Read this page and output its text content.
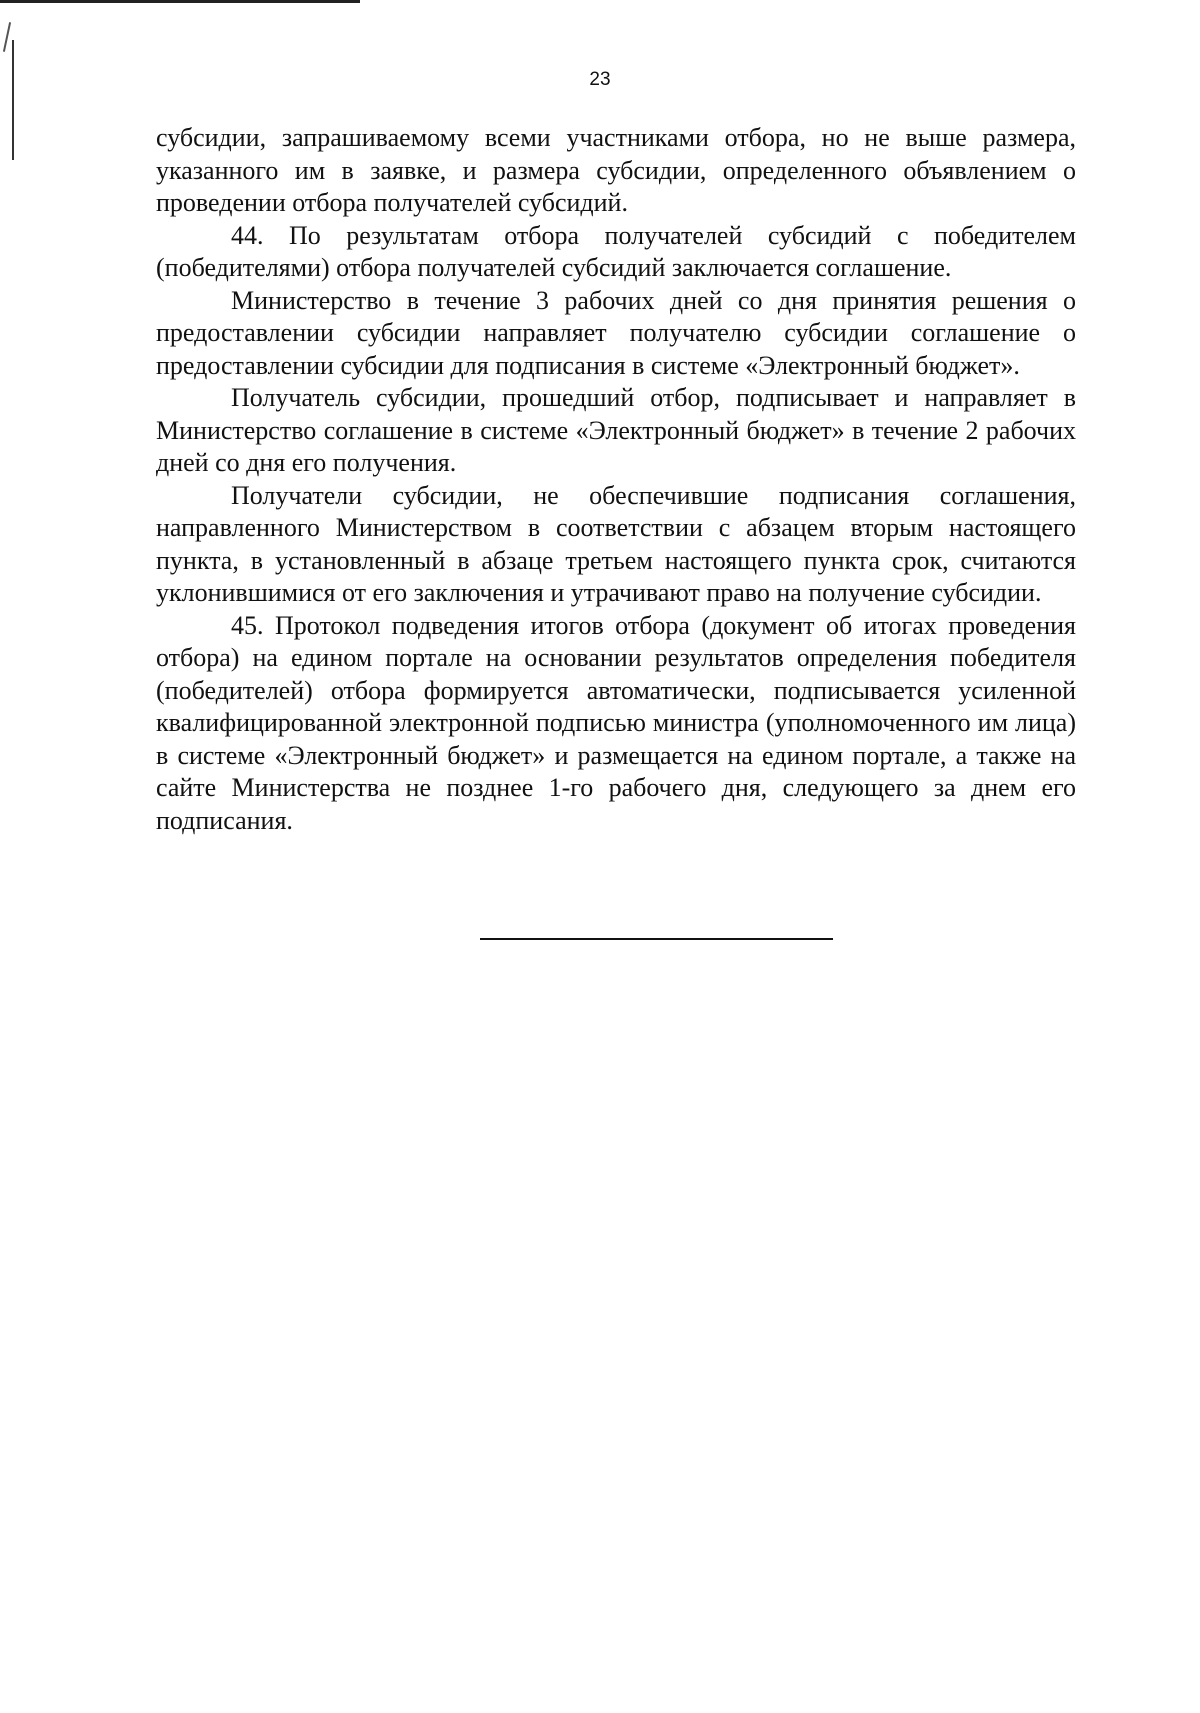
23

субсидии, запрашиваемому всеми участниками отбора, но не выше размера, указанного им в заявке, и размера субсидии, определенного объявлением о проведении отбора получателей субсидий.

44. По результатам отбора получателей субсидий с победителем (победителями) отбора получателей субсидий заключается соглашение.

Министерство в течение 3 рабочих дней со дня принятия решения о предоставлении субсидии направляет получателю субсидии соглашение о предоставлении субсидии для подписания в системе «Электронный бюджет».

Получатель субсидии, прошедший отбор, подписывает и направляет в Министерство соглашение в системе «Электронный бюджет» в течение 2 рабочих дней со дня его получения.

Получатели субсидии, не обеспечившие подписания соглашения, направленного Министерством в соответствии с абзацем вторым настоящего пункта, в установленный в абзаце третьем настоящего пункта срок, считаются уклонившимися от его заключения и утрачивают право на получение субсидии.

45. Протокол подведения итогов отбора (документ об итогах проведения отбора) на едином портале на основании результатов определения победителя (победителей) отбора формируется автоматически, подписывается усиленной квалифицированной электронной подписью министра (уполномоченного им лица) в системе «Электронный бюджет» и размещается на едином портале, а также на сайте Министерства не позднее 1-го рабочего дня, следующего за днем его подписания.
